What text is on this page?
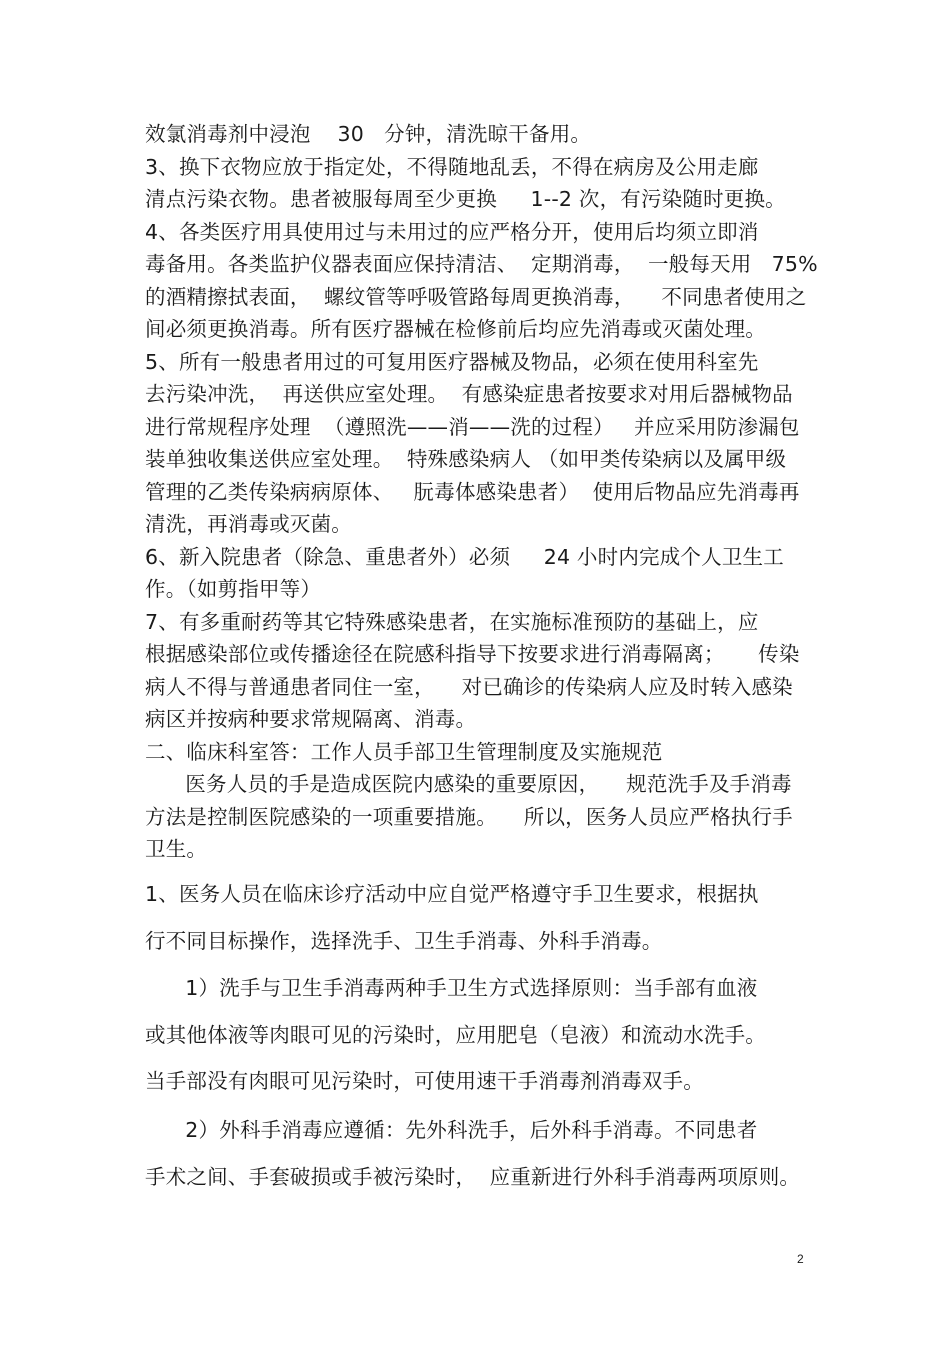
效氯消毒剂中浸泡    30   分钟，清洗晾干备用。
3、换下衣物应放于指定处，不得随地乱丢，不得在病房及公用走廊
清点污染衣物。患者被服每周至少更换     1--2 次，有污染随时更换。
4、各类医疗用具使用过与未用过的应严格分开，使用后均须立即消
毒备用。各类监护仪器表面应保持清洁、  定期消毒，  一般每天用   75%
的酒精擦拭表面，  螺纹管等呼吸管路每周更换消毒，    不同患者使用之
间必须更换消毒。所有医疗器械在检修前后均应先消毒或灭菌处理。
5、所有一般患者用过的可复用医疗器械及物品，必须在使用科室先
去污染冲洗，  再送供应室处理。  有感染症患者按要求对用后器械物品
进行常规程序处理  （遵照洗——消——洗的过程）   并应采用防渗漏包
装单独收集送供应室处理。  特殊感染病人 （如甲类传染病以及属甲级
管理的乙类传染病病原体、   朊毒体感染患者）  使用后物品应先消毒再
清洗，再消毒或灭菌。
6、新入院患者（除急、重患者外）必须     24 小时内完成个人卫生工
作。（如剪指甲等）
7、有多重耐药等其它特殊感染患者，在实施标准预防的基础上，应
根据感染部位或传播途径在院感科指导下按要求进行消毒隔离；     传染
病人不得与普通患者同住一室，    对已确诊的传染病人应及时转入感染
病区并按病种要求常规隔离、消毒。
二、临床科室答：工作人员手部卫生管理制度及实施规范
医务人员的手是造成医院内感染的重要原因，    规范洗手及手消毒
方法是控制医院感染的一项重要措施。    所以，医务人员应严格执行手
卫生。
1、医务人员在临床诊疗活动中应自觉严格遵守手卫生要求，根据执
行不同目标操作，选择洗手、卫生手消毒、外科手消毒。
1）洗手与卫生手消毒两种手卫生方式选择原则：当手部有血液
或其他体液等肉眼可见的污染时，应用肥皂（皂液）和流动水洗手。
当手部没有肉眼可见污染时，可使用速干手消毒剂消毒双手。
2）外科手消毒应遵循：先外科洗手，后外科手消毒。不同患者
手术之间、手套破损或手被污染时，  应重新进行外科手消毒两项原则。
2
